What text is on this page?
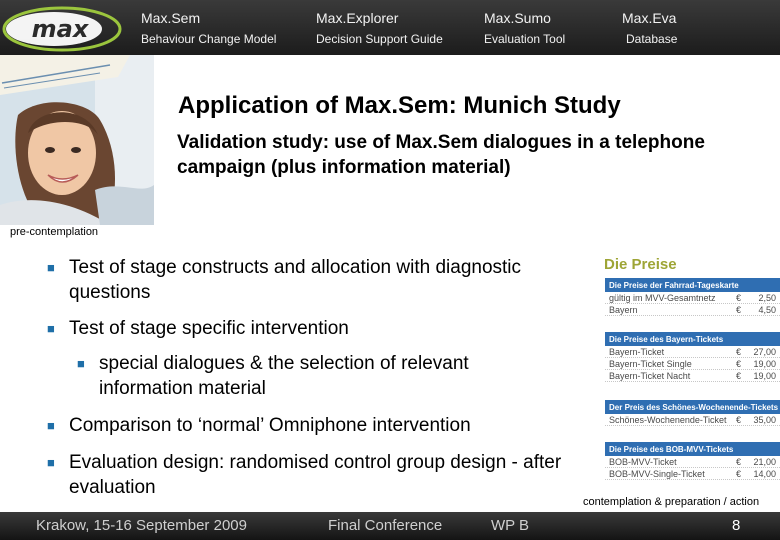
max	Max.Sem
Behaviour Change Model
Max.Explorer
Decision Support Guide
Max.Sumo
Evaluation Tool
Max.Eva
Database
Application of Max.Sem: Munich Study
Validation study: use of Max.Sem dialogues in a telephone campaign (plus information material)
pre-contemplation
■ Test of stage constructs and allocation with diagnostic questions
■ Test of stage specific intervention
■ special dialogues & the selection of relevant information material
■ Comparison to ‘normal’ Omniphone intervention
■ Evaluation design: randomised control group design - after evaluation
Die Preise
Die Preise der Fahrrad-Tageskarte
gültig im MVV-Gesamtnetz € 2,50
Bayern	€ 4,50
Die Preise des Bayern-Tickets
Bayern-Ticket	€ 27,00
Bayern-Ticket Single	€ 19,00
Bayern-Ticket Nacht	€ 19,00
Der Preis des Schönes-Wochenende-Tickets
Schönes-Wochenende-Ticket € 35,00
Die Preise des BOB-MVV-Tickets
BOB-MVV-Ticket	€ 21,00
BOB-MVV-Single-Ticket	€ 14,00
contemplation & preparation / action
Krakow, 15-16 September 2009	Final Conference	WP B	8
